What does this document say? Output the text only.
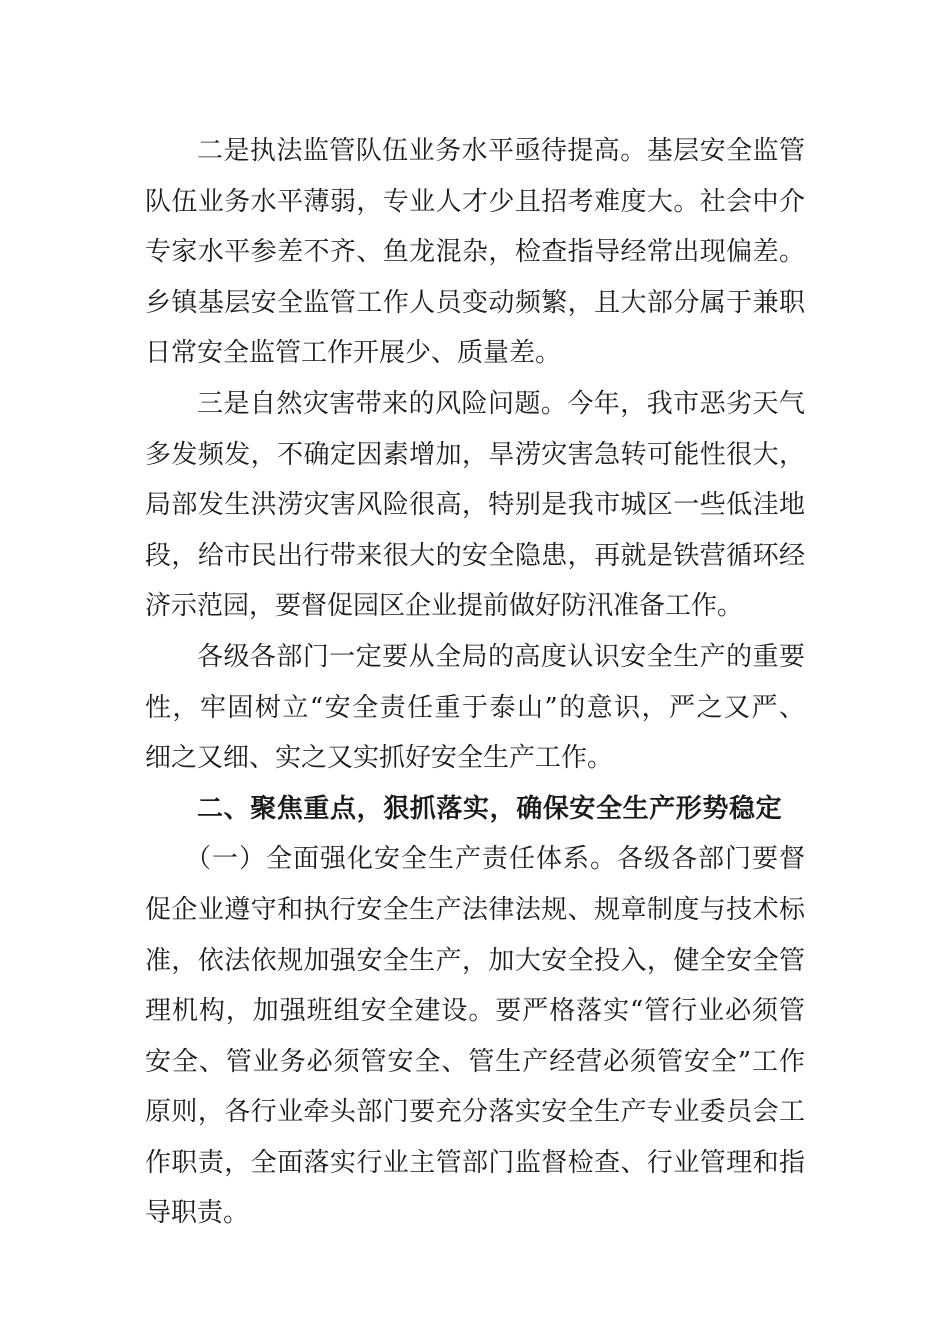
二是执法监管队伍业务水平亟待提高。基层安全监管
队伍业务水平薄弱，专业人才少且招考难度大。社会中介
专家水平参差不齐、鱼龙混杂，检查指导经常出现偏差。
乡镇基层安全监管工作人员变动频繁，且大部分属于兼职
日常安全监管工作开展少、质量差。
三是自然灾害带来的风险问题。今年，我市恶劣天气
多发频发，不确定因素增加，旱涝灾害急转可能性很大，
局部发生洪涝灾害风险很高，特别是我市城区一些低洼地
段，给市民出行带来很大的安全隐患，再就是铁营循环经
济示范园，要督促园区企业提前做好防汛准备工作。
各级各部门一定要从全局的高度认识安全生产的重要
性，牢固树立“安全责任重于泰山”的意识，严之又严、
细之又细、实之又实抓好安全生产工作。
二、聚焦重点，狠抓落实，确保安全生产形势稳定
（一）全面强化安全生产责任体系。各级各部门要督
促企业遵守和执行安全生产法律法规、规章制度与技术标
准，依法依规加强安全生产，加大安全投入，健全安全管
理机构，加强班组安全建设。要严格落实“管行业必须管
安全、管业务必须管安全、管生产经营必须管安全”工作
原则，各行业牵头部门要充分落实安全生产专业委员会工
作职责，全面落实行业主管部门监督检查、行业管理和指
导职责。
